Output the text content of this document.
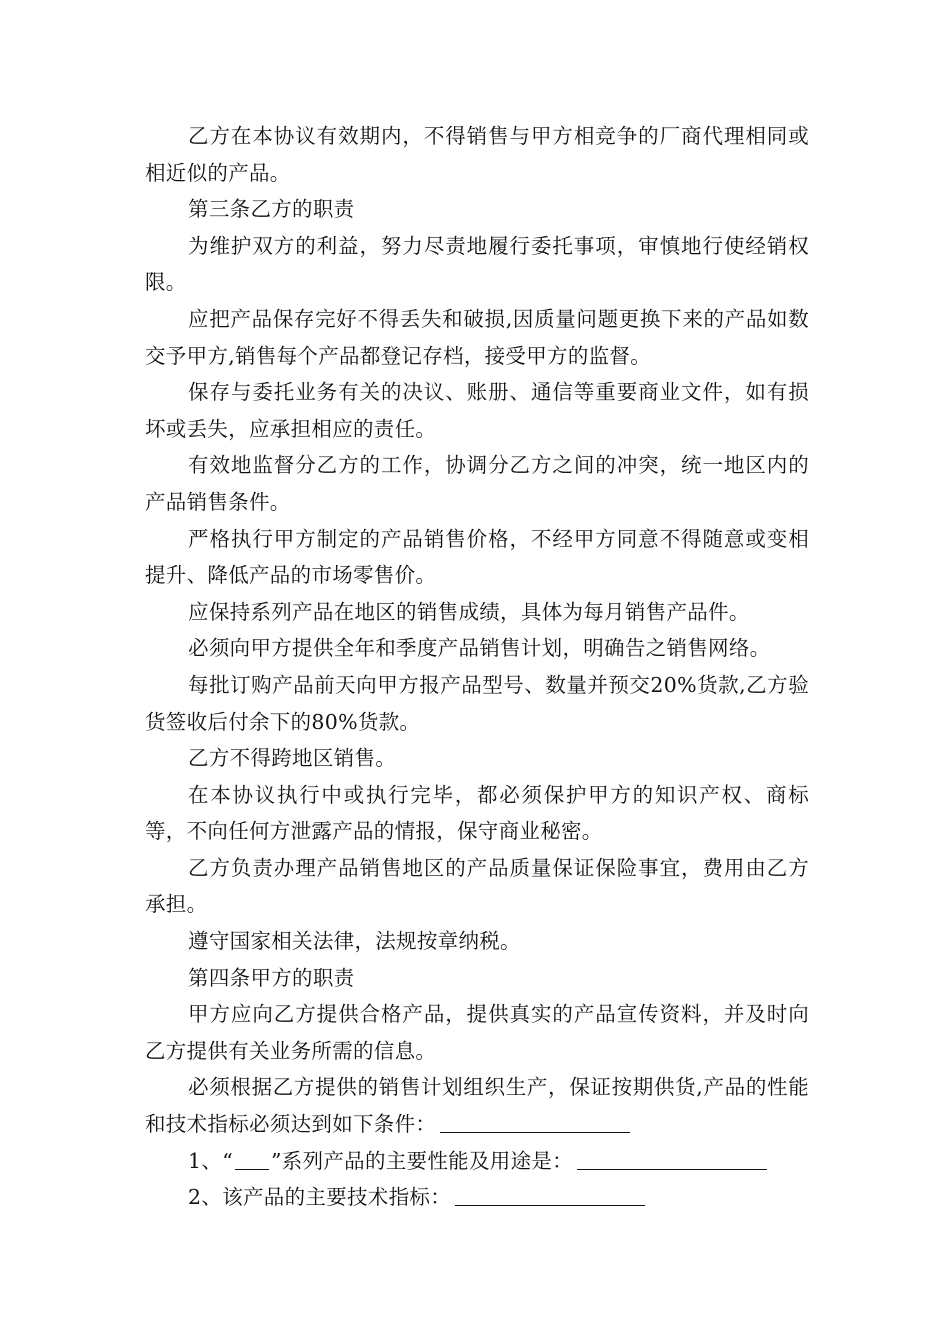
乙方在本协议有效期内，不得销售与甲方相竞争的厂商代理相同或相近似的产品。

第三条乙方的职责

为维护双方的利益，努力尽责地履行委托事项，审慎地行使经销权限。

应把产品保存完好不得丢失和破损,因质量问题更换下来的产品如数交予甲方,销售每个产品都登记存档，接受甲方的监督。

保存与委托业务有关的决议、账册、通信等重要商业文件，如有损坏或丢失，应承担相应的责任。

有效地监督分乙方的工作，协调分乙方之间的冲突，统一地区内的产品销售条件。

严格执行甲方制定的产品销售价格，不经甲方同意不得随意或变相提升、降低产品的市场零售价。

应保持系列产品在地区的销售成绩，具体为每月销售产品件。

必须向甲方提供全年和季度产品销售计划，明确告之销售网络。

每批订购产品前天向甲方报产品型号、数量并预交20%货款,乙方验货签收后付余下的80%货款。

乙方不得跨地区销售。

在本协议执行中或执行完毕，都必须保护甲方的知识产权、商标等，不向任何方泄露产品的情报，保守商业秘密。

乙方负责办理产品销售地区的产品质量保证保险事宜，费用由乙方承担。

遵守国家相关法律，法规按章纳税。

第四条甲方的职责

甲方应向乙方提供合格产品，提供真实的产品宣传资料，并及时向乙方提供有关业务所需的信息。

必须根据乙方提供的销售计划组织生产，保证按期供货,产品的性能和技术指标必须达到如下条件：

1、“ ”系列产品的主要性能及用途是：

2、该产品的主要技术指标：
